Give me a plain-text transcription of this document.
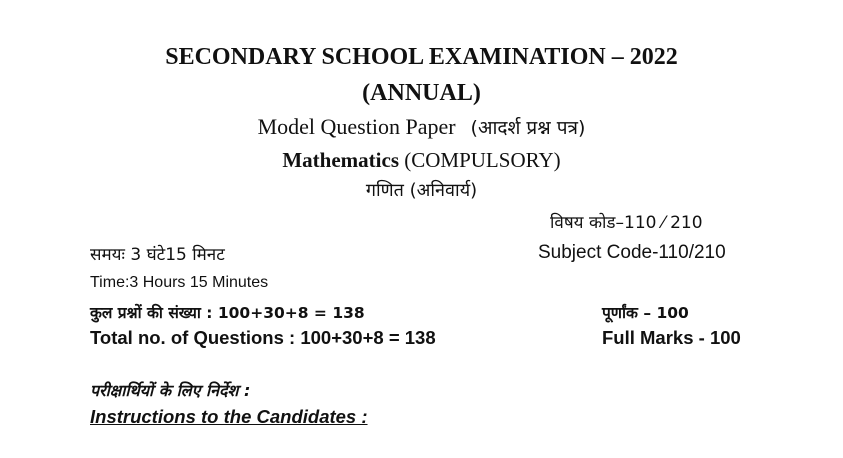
SECONDARY SCHOOL EXAMINATION – 2022
(ANNUAL)
Model Question Paper (आदर्श प्रश्न पत्र)
Mathematics (COMPULSORY)
गणित (अनिवार्य)
विषय कोड–110 ⁄ 210
समयः 3 घंटे15 मिनट	Subject Code-110/210
Time:3 Hours 15 Minutes
कुल प्रश्नों की संख्या : 100+30+8 = 138	पूर्णांक – 100
Total no. of Questions : 100+30+8 = 138	Full Marks - 100
परीक्षार्थियों के लिए निर्देश :
Instructions to the Candidates :
